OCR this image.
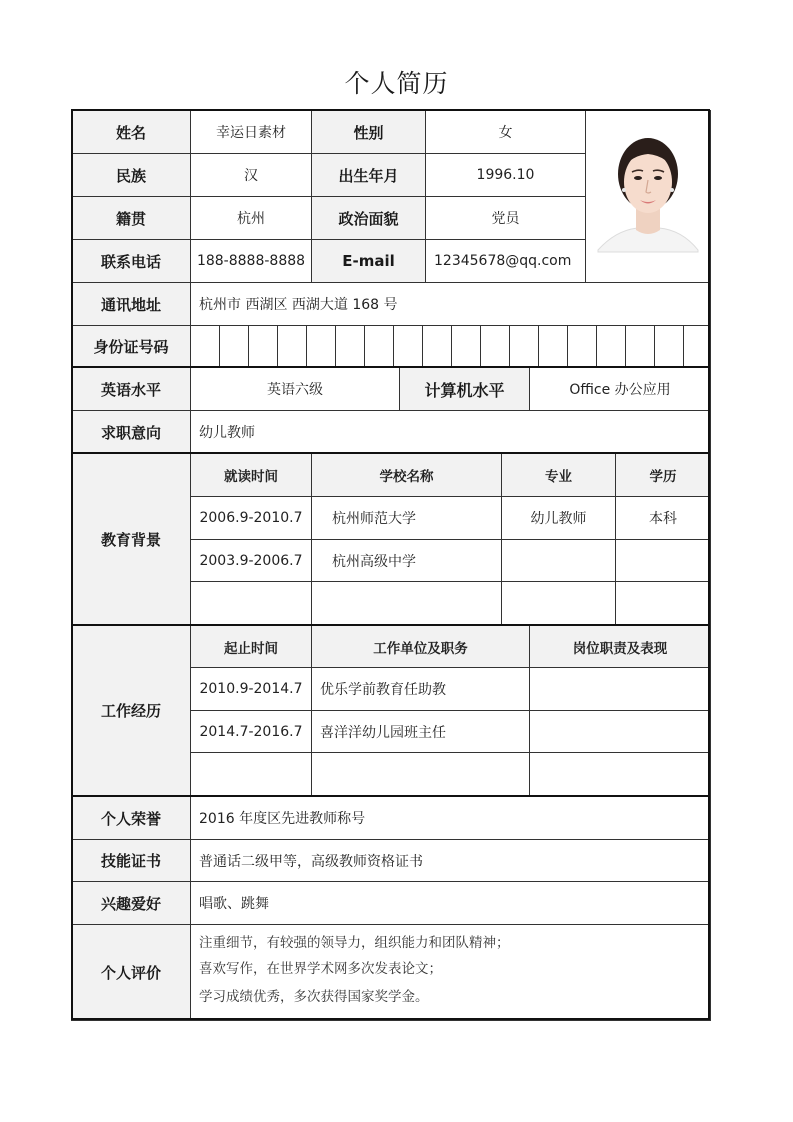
个人简历
姓名	幸运日素材	性别	女	

民族	汉	出生年月	1996.10	
籍贯	杭州	政治面貌	党员	
联系电话	188-8888-8888	E-mail	12345678@qq.com	
通讯地址	杭州市 西湖区 西湖大道 168 号			
身份证号码																		
英语水平	英语六级	计算机水平	Office 办公应用
求职意向	幼儿教师		
教育背景	就读时间	学校名称	专业	学历
	2006.9-2010.7	杭州师范大学	幼儿教师	本科
	2003.9-2006.7	杭州高级中学		

工作经历	起止时间	工作单位及职务	岗位职责及表现
	2010.9-2014.7	优乐学前教育任助教	
	2014.7-2016.7	喜洋洋幼儿园班主任	

个人荣誉	2016 年度区先进教师称号
技能证书	普通话二级甲等，高级教师资格证书
兴趣爱好	唱歌、跳舞
个人评价	注重细节，有较强的领导力，组织能力和团队精神；
喜欢写作，在世界学术网多次发表论文；
学习成绩优秀，多次获得国家奖学金。
